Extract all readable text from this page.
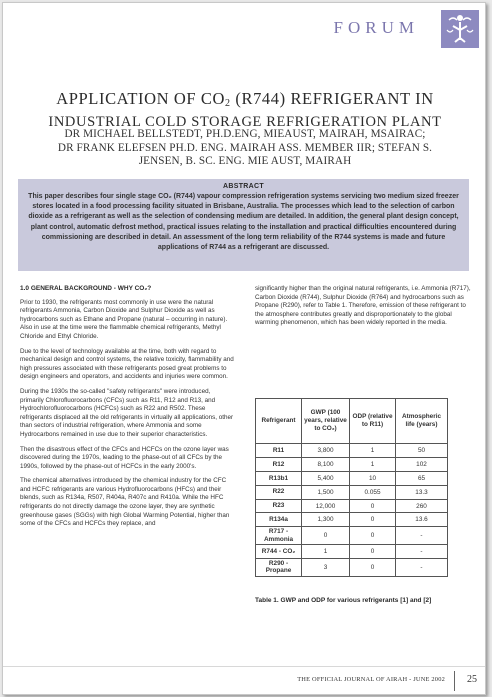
FORUM
APPLICATION OF $CO_2$ (R744) REFRIGERANT IN
INDUSTRIAL COLD STORAGE REFRIGERATION PLANT
DR MICHAEL BELLSTEDT, PH.D.ENG, MIEAUST, MAIRAH, MSAIRAC;
DR FRANK ELEFSEN PH.D. ENG. MAIRAH ASS. MEMBER IIR; STEFAN S.
JENSEN, B. SC. ENG. MIE AUST, MAIRAH
ABSTRACT
This paper describes four single stage CO₂ (R744) vapour compression refrigeration systems servicing two medium sized freezer stores located in a food processing facility situated in Brisbane, Australia. The processes which lead to the selection of carbon dioxide as a refrigerant as well as the selection of condensing medium are detailed. In addition, the general plant design concept, plant control, automatic defrost method, practical issues relating to the installation and practical difficulties encountered during commissioning are described in detail. An assessment of the long term reliability of the R744 systems is made and future applications of R744 as a refrigerant are discussed.
1.0 GENERAL BACKGROUND - WHY CO₂?
Prior to 1930, the refrigerants most commonly in use were the natural refrigerants Ammonia, Carbon Dioxide and Sulphur Dioxide as well as hydrocarbons such as Ethane and Propane (natural – occurring in nature). Also in use at the time were the flammable chemical refrigerants, Methyl Chloride and Ethyl Chloride.
Due to the level of technology available at the time, both with regard to mechanical design and control systems, the relative toxicity, flammability and high pressures associated with these refrigerants posed great problems to design engineers and operators, and accidents and injuries were common.
During the 1930s the so-called "safety refrigerants" were introduced, primarily Chlorofluorocarbons (CFCs) such as R11, R12 and R13, and Hydrochlorofluorocarbons (HCFCs) such as R22 and R502. These refrigerants displaced all the old refrigerants in virtually all applications, other than sectors of industrial refrigeration, where Ammonia and some Hydrocarbons remained in use due to their superior characteristics.
Then the disastrous effect of the CFCs and HCFCs on the ozone layer was discovered during the 1970s, leading to the phase-out of all CFCs by the 1990s, followed by the phase-out of HCFCs in the early 2000's.
The chemical alternatives introduced by the chemical industry for the CFC and HCFC refrigerants are various Hydrofluorocarbons (HFCs) and their blends, such as R134a, R507, R404a, R407c and R410a. While the HFC refrigerants do not directly damage the ozone layer, they are synthetic greenhouse gases (SGGs) with high Global Warming Potential, higher than some of the CFCs and HCFCs they replace, and
significantly higher than the original natural refrigerants, i.e. Ammonia (R717), Carbon Dioxide (R744), Sulphur Dioxide (R764) and hydrocarbons such as Propane (R290), refer to Table 1. Therefore, emission of these refrigerant to the atmosphere contributes greatly and disproportionately to the global warming phenomenon, which has been widely reported in the media.
Refrigerant	GWP (100 years, relative to CO₂)	ODP (relative to R11)	Atmospheric life (years)
R11	3,800	1	50
R12	8,100	1	102
R13b1	5,400	10	65
R22	1,500	0.055	13.3
R23	12,000	0	260
R134a	1,300	0	13.6
R717 - Ammonia	0	0	-
R744 - CO₂	1	0	-
R290 - Propane	3	0	-
Table 1. GWP and ODP for various refrigerants [1] and [2]
THE OFFICIAL JOURNAL OF AIRAH - JUNE 2002 25
